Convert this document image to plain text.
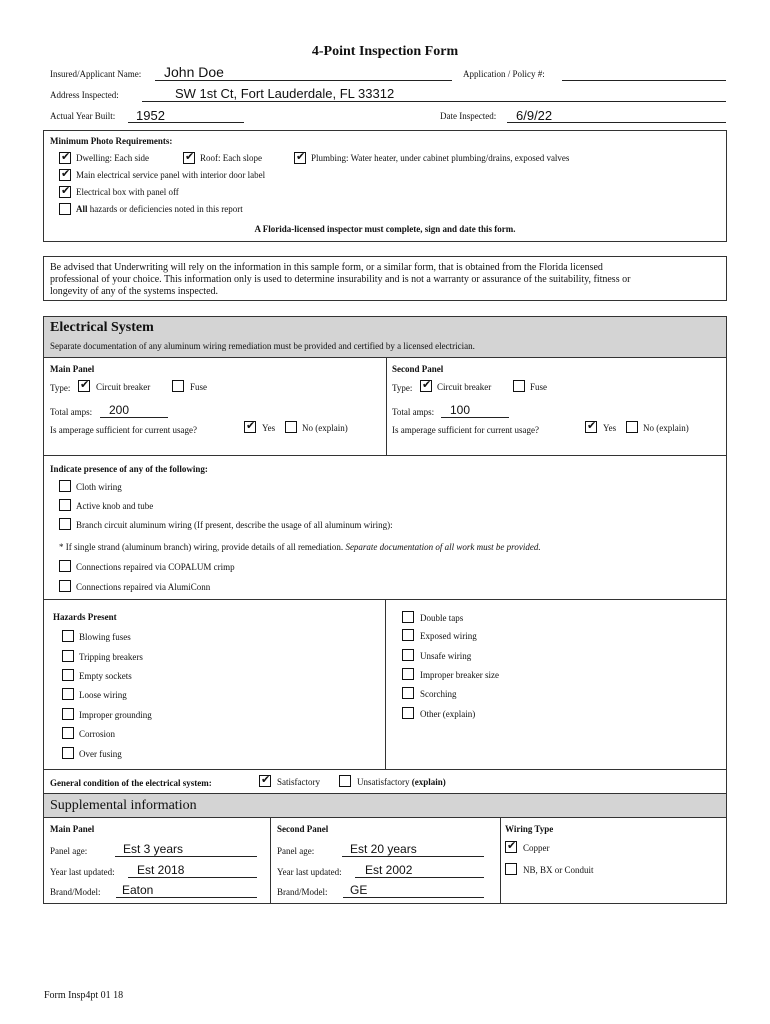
4-Point Inspection Form
Insured/Applicant Name: John Doe	Application / Policy #:
Address Inspected:	SW 1st Ct, Fort Lauderdale, FL 33312
Actual Year Built: 1952	Date Inspected: 6/9/22
Minimum Photo Requirements:
✔ Dwelling: Each side	✔ Roof: Each slope	✔ Plumbing: Water heater, under cabinet plumbing/drains, exposed valves
✔ Main electrical service panel with interior door label
✔ Electrical box with panel off
All hazards or deficiencies noted in this report
A Florida-licensed inspector must complete, sign and date this form.
Be advised that Underwriting will rely on the information in this sample form, or a similar form, that is obtained from the Florida licensed
professional of your choice. This information only is used to determine insurability and is not a warranty or assurance of the suitability, fitness or
longevity of any of the systems inspected.
Electrical System
Separate documentation of any aluminum wiring remediation must be provided and certified by a licensed electrician.
Main Panel
Type: ✔ Circuit breaker	Fuse
Total amps: 200
Is amperage sufficient for current usage?	✔ Yes	No (explain)
Second Panel
Type: ✔ Circuit breaker	Fuse
Total amps: 100
Is amperage sufficient for current usage?	✔ Yes	No (explain)
Indicate presence of any of the following:
Cloth wiring
Active knob and tube
Branch circuit aluminum wiring (If present, describe the usage of all aluminum wiring):
* If single strand (aluminum branch) wiring, provide details of all remediation. Separate documentation of all work must be provided.
Connections repaired via COPALUM crimp
Connections repaired via AlumiConn
Hazards Present
Blowing fuses
Tripping breakers
Empty sockets
Loose wiring
Improper grounding
Corrosion
Over fusing
Double taps
Exposed wiring
Unsafe wiring
Improper breaker size
Scorching
Other (explain)
General condition of the electrical system:	✔ Satisfactory	Unsatisfactory (explain)
Supplemental information
Main Panel
Panel age:	Est 3 years
Year last updated: Est 2018
Brand/Model: Eaton
Second Panel
Panel age:	Est 20 years
Year last updated: Est 2002
Brand/Model: GE
Wiring Type
✔ Copper
NB, BX or Conduit
Form Insp4pt 01 18
